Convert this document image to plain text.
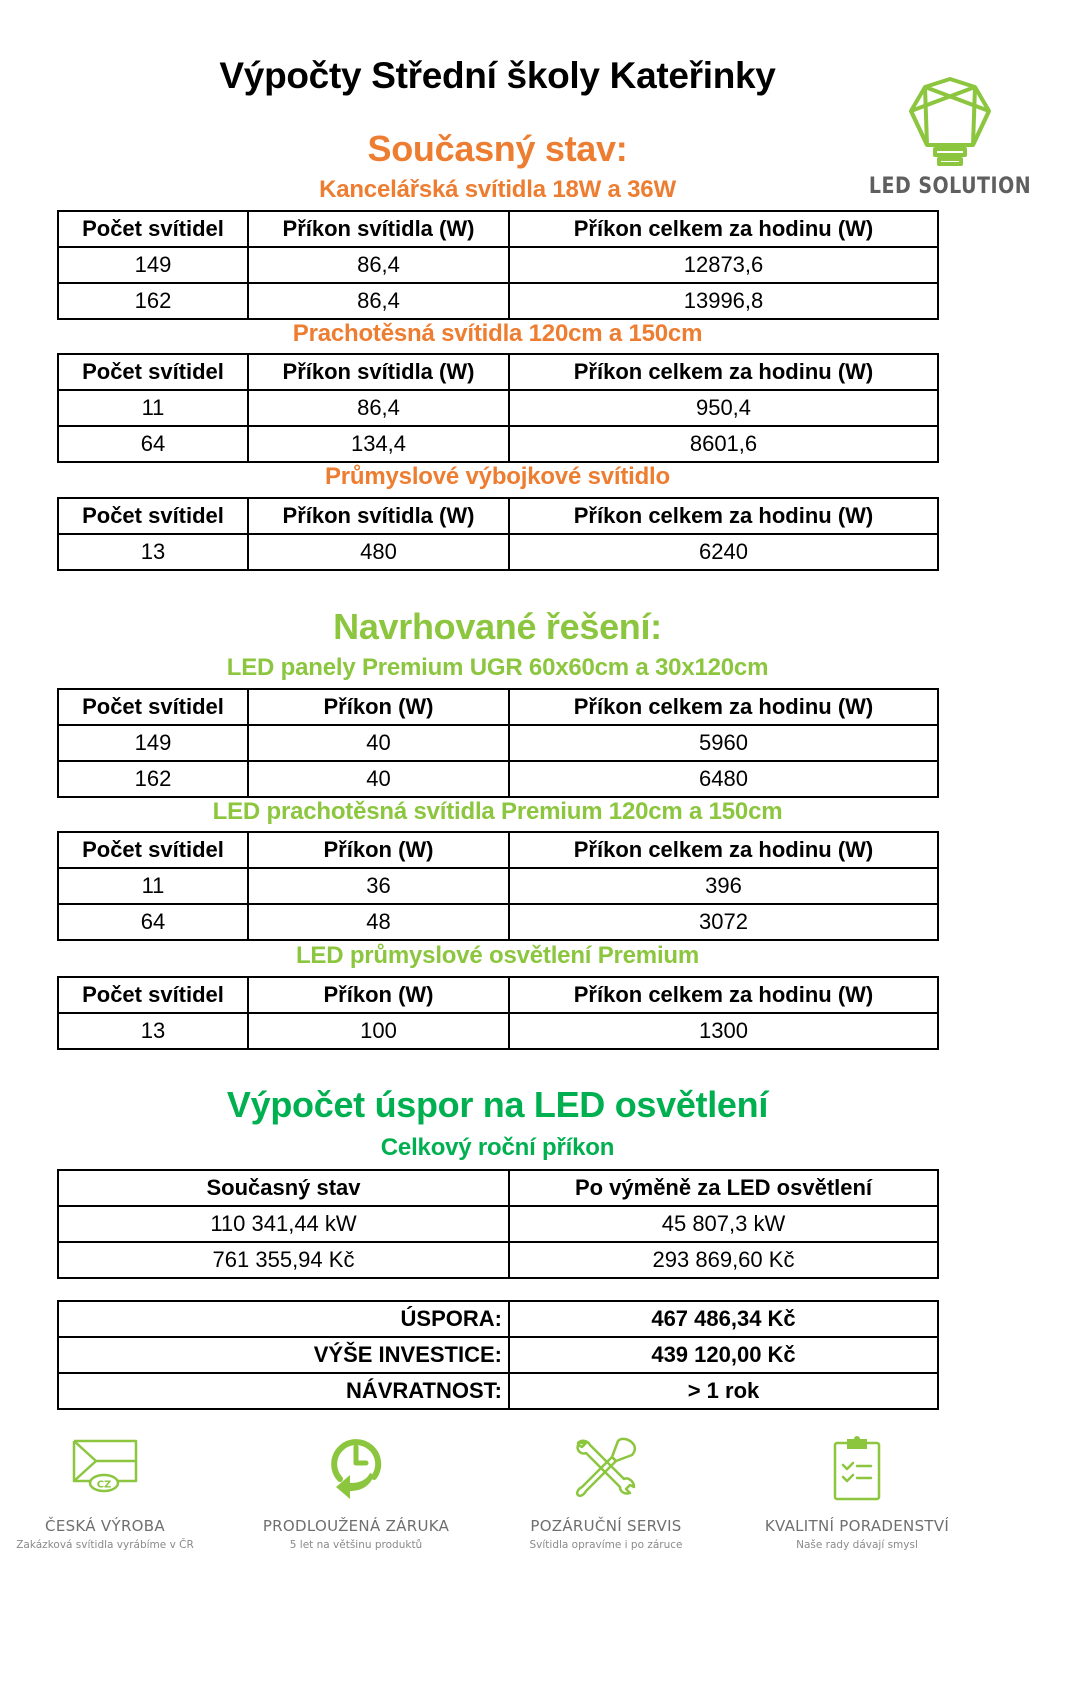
Výpočty Střední školy Kateřinky
LED SOLUTION
Současný stav:
Kancelářská svítidla 18W a 36W
Počet svítidel	Příkon svítidla (W)	Příkon celkem za hodinu (W)
149	86,4	12873,6
162	86,4	13996,8
Prachotěsná svítidla 120cm a 150cm
Počet svítidel	Příkon svítidla (W)	Příkon celkem za hodinu (W)
11	86,4	950,4
64	134,4	8601,6
Průmyslové výbojkové svítidlo
Počet svítidel	Příkon svítidla (W)	Příkon celkem za hodinu (W)
13	480	6240
Navrhované řešení:
LED panely Premium UGR 60x60cm a 30x120cm
Počet svítidel	Příkon (W)	Příkon celkem za hodinu (W)
149	40	5960
162	40	6480
LED prachotěsná svítidla Premium 120cm a 150cm
Počet svítidel	Příkon (W)	Příkon celkem za hodinu (W)
11	36	396
64	48	3072
LED průmyslové osvětlení Premium
Počet svítidel	Příkon (W)	Příkon celkem za hodinu (W)
13	100	1300
Výpočet úspor na LED osvětlení
Celkový roční příkon
Současný stav	Po výměně za LED osvětlení
110 341,44 kW	45 807,3 kW
761 355,94 Kč	293 869,60 Kč
ÚSPORA:	467 486,34 Kč
VÝŠE INVESTICE:	439 120,00 Kč
NÁVRATNOST:	> 1 rok
CZ
ČESKÁ VÝROBA
Zakázková svítidla vyrábíme v ČR
PRODLOUŽENÁ ZÁRUKA
5 let na většinu produktů
POZÁRUČNÍ SERVIS
Svítidla opravíme i po záruce
KVALITNÍ PORADENSTVÍ
Naše rady dávají smysl
